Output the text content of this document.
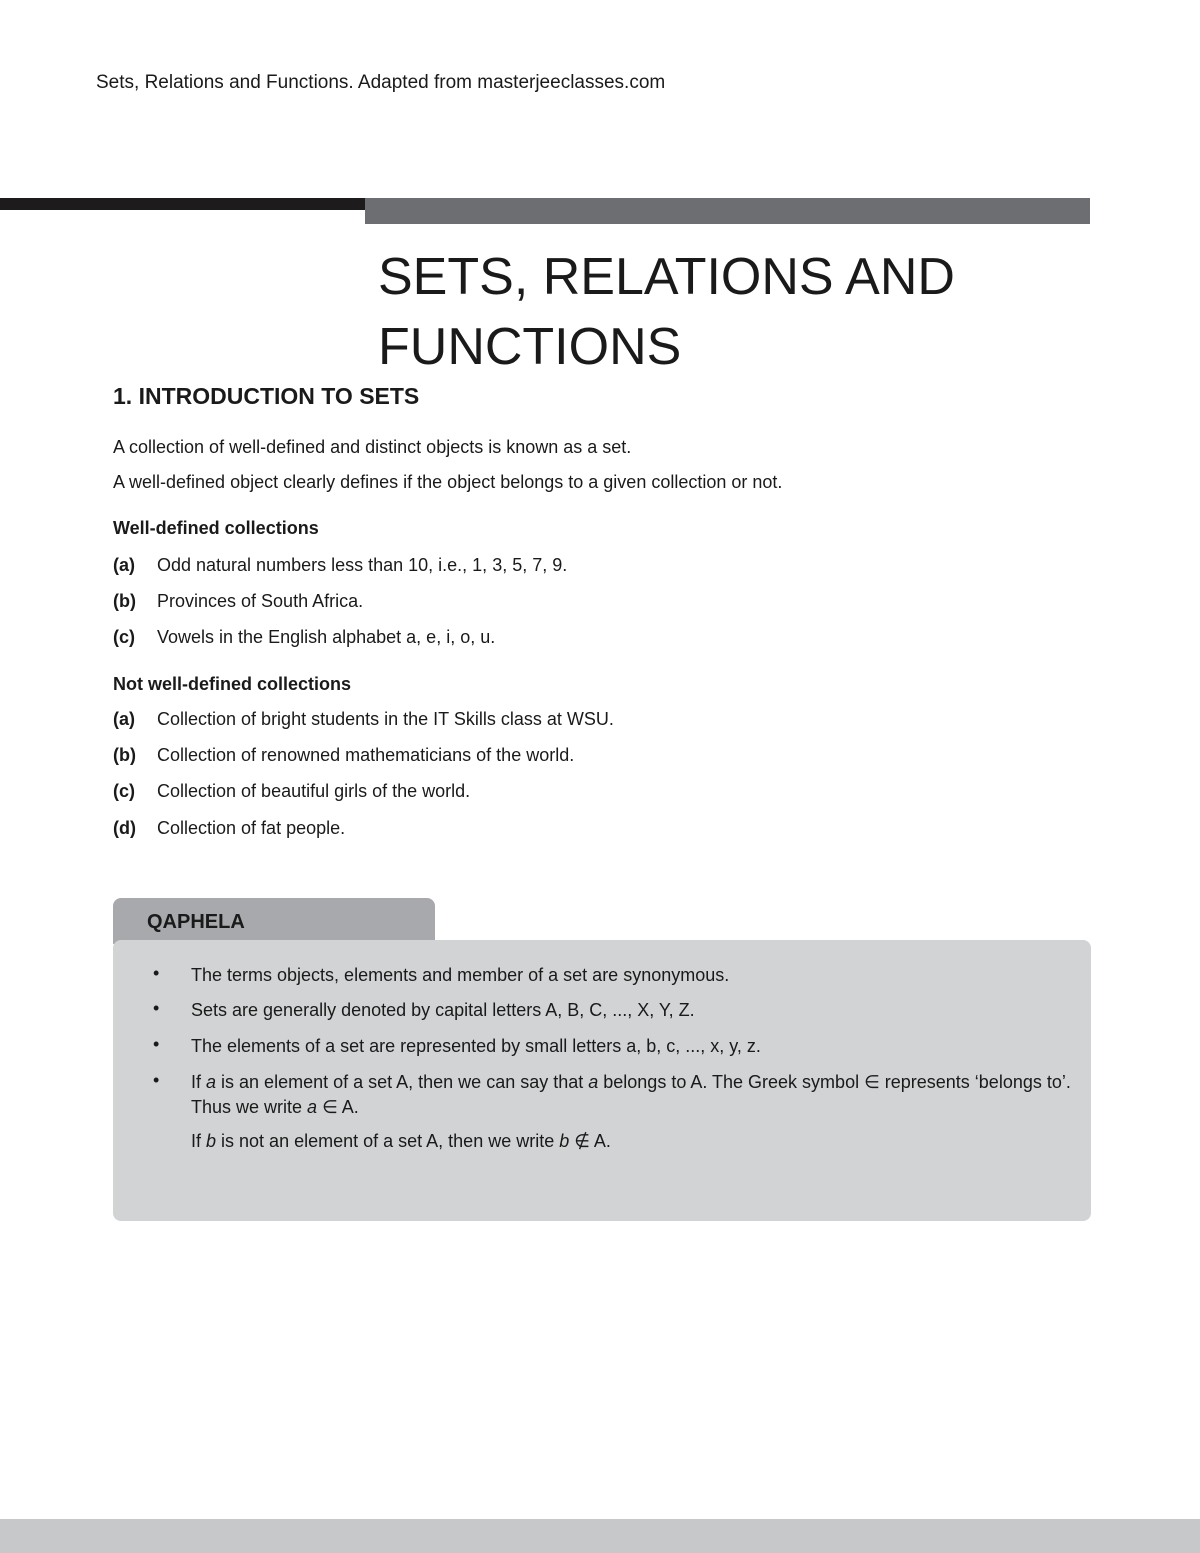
Sets, Relations and Functions. Adapted from masterjeeclasses.com
SETS, RELATIONS AND
FUNCTIONS
1. INTRODUCTION TO SETS
A collection of well-defined and distinct objects is known as a set.
A well-defined object clearly defines if the object belongs to a given collection or not.
Well-defined collections
(a) Odd natural numbers less than 10, i.e., 1, 3, 5, 7, 9.
(b) Provinces of South Africa.
(c) Vowels in the English alphabet a, e, i, o, u.
Not well-defined collections
(a) Collection of bright students in the IT Skills class at WSU.
(b) Collection of renowned mathematicians of the world.
(c) Collection of beautiful girls of the world.
(d) Collection of fat people.
QAPHELA
• The terms objects, elements and member of a set are synonymous.
• Sets are generally denoted by capital letters A, B, C, ..., X, Y, Z.
• The elements of a set are represented by small letters a, b, c, ..., x, y, z.
• If a is an element of a set A, then we can say that a belongs to A. The Greek symbol ∈ represents ‘belongs to’. Thus we write a ∈ A.
If b is not an element of a set A, then we write b ∉ A.
